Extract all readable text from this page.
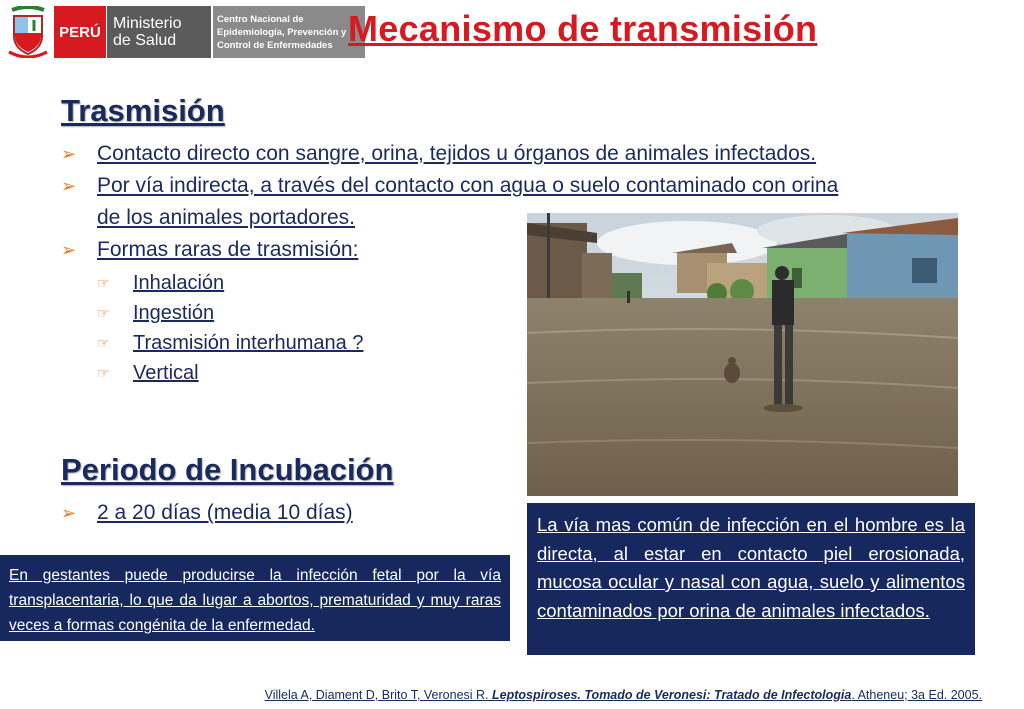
PERÚ Ministerio
de Salud
Centro Nacional de
Epidemiología, Prevención y
Control de Enfermedades Mecanismo de transmisión
Trasmisión
➢ Contacto directo con sangre, orina, tejidos u órganos de animales infectados.
➢ Por vía indirecta, a través del contacto con agua o suelo contaminado con orina
de los animales portadores.
➢ Formas raras de trasmisión:
☞ Inhalación
☞ Ingestión
☞ Trasmisión interhumana ?
☞ Vertical
Periodo de Incubación
➢ 2 a 20 días (media 10 días)
En gestantes puede producirse la infección fetal por la vía transplacentaria, lo que da lugar a abortos, prematuridad y muy raras veces a formas congénita de la enfermedad.
La vía mas común de infección en el hombre es la directa, al estar en contacto piel erosionada, mucosa ocular y nasal con agua, suelo y alimentos contaminados por orina de animales infectados.
Villela A, Diament D, Brito T, Veronesi R. Leptospiroses. Tomado de Veronesi: Tratado de Infectologia. Atheneu; 3a Ed. 2005.
